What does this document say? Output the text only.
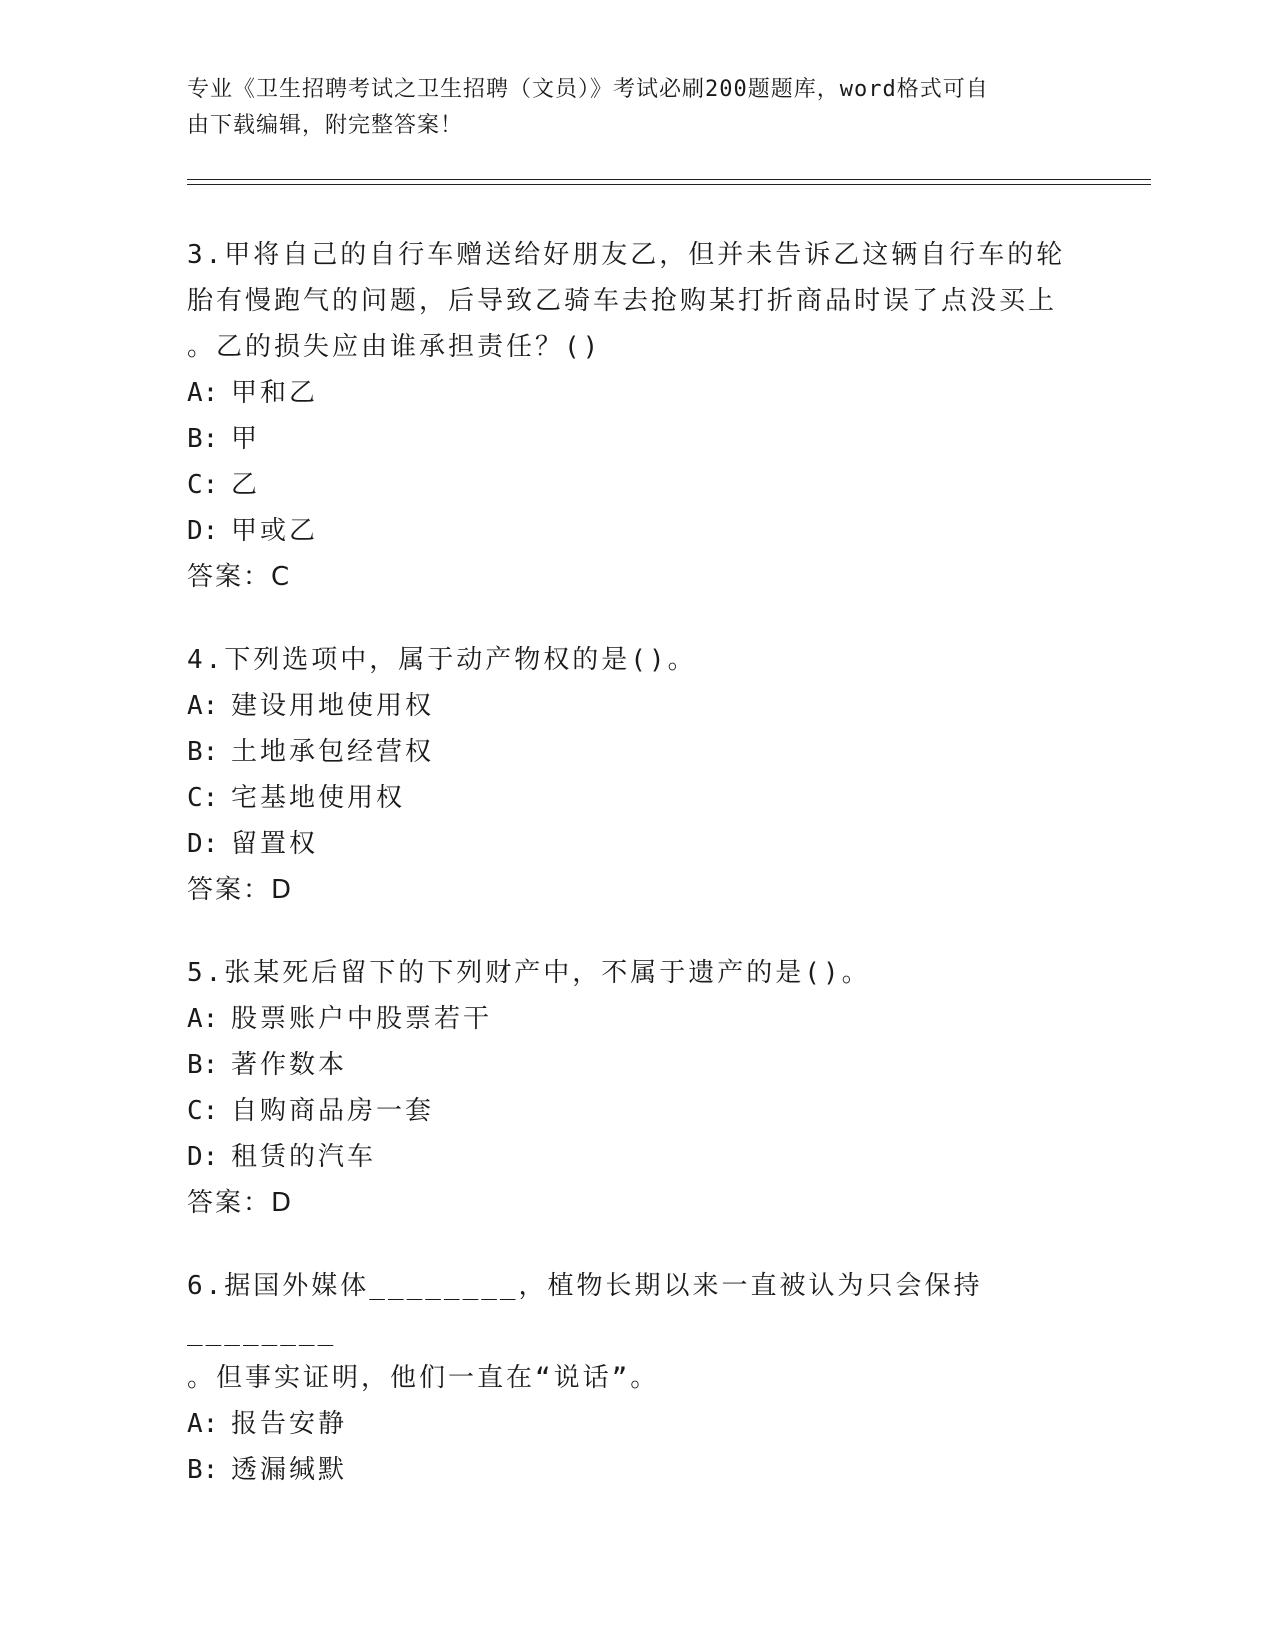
专业《卫生招聘考试之卫生招聘（文员）》考试必刷200题题库，word格式可自
由下载编辑，附完整答案！

3.甲将自己的自行车赠送给好朋友乙，但并未告诉乙这辆自行车的轮

胎有慢跑气的问题，后导致乙骑车去抢购某打折商品时误了点没买上

。乙的损失应由谁承担责任？()

A: 甲和乙

B: 甲

C: 乙

D: 甲或乙

答案：C

4.下列选项中，属于动产物权的是()。

A: 建设用地使用权

B: 土地承包经营权

C: 宅基地使用权

D: 留置权

答案：D

5.张某死后留下的下列财产中，不属于遗产的是()。

A: 股票账户中股票若干

B: 著作数本

C: 自购商品房一套

D: 租赁的汽车

答案：D

6.据国外媒体________，植物长期以来一直被认为只会保持________

。但事实证明，他们一直在“说话”。

A: 报告安静

B: 透漏缄默
